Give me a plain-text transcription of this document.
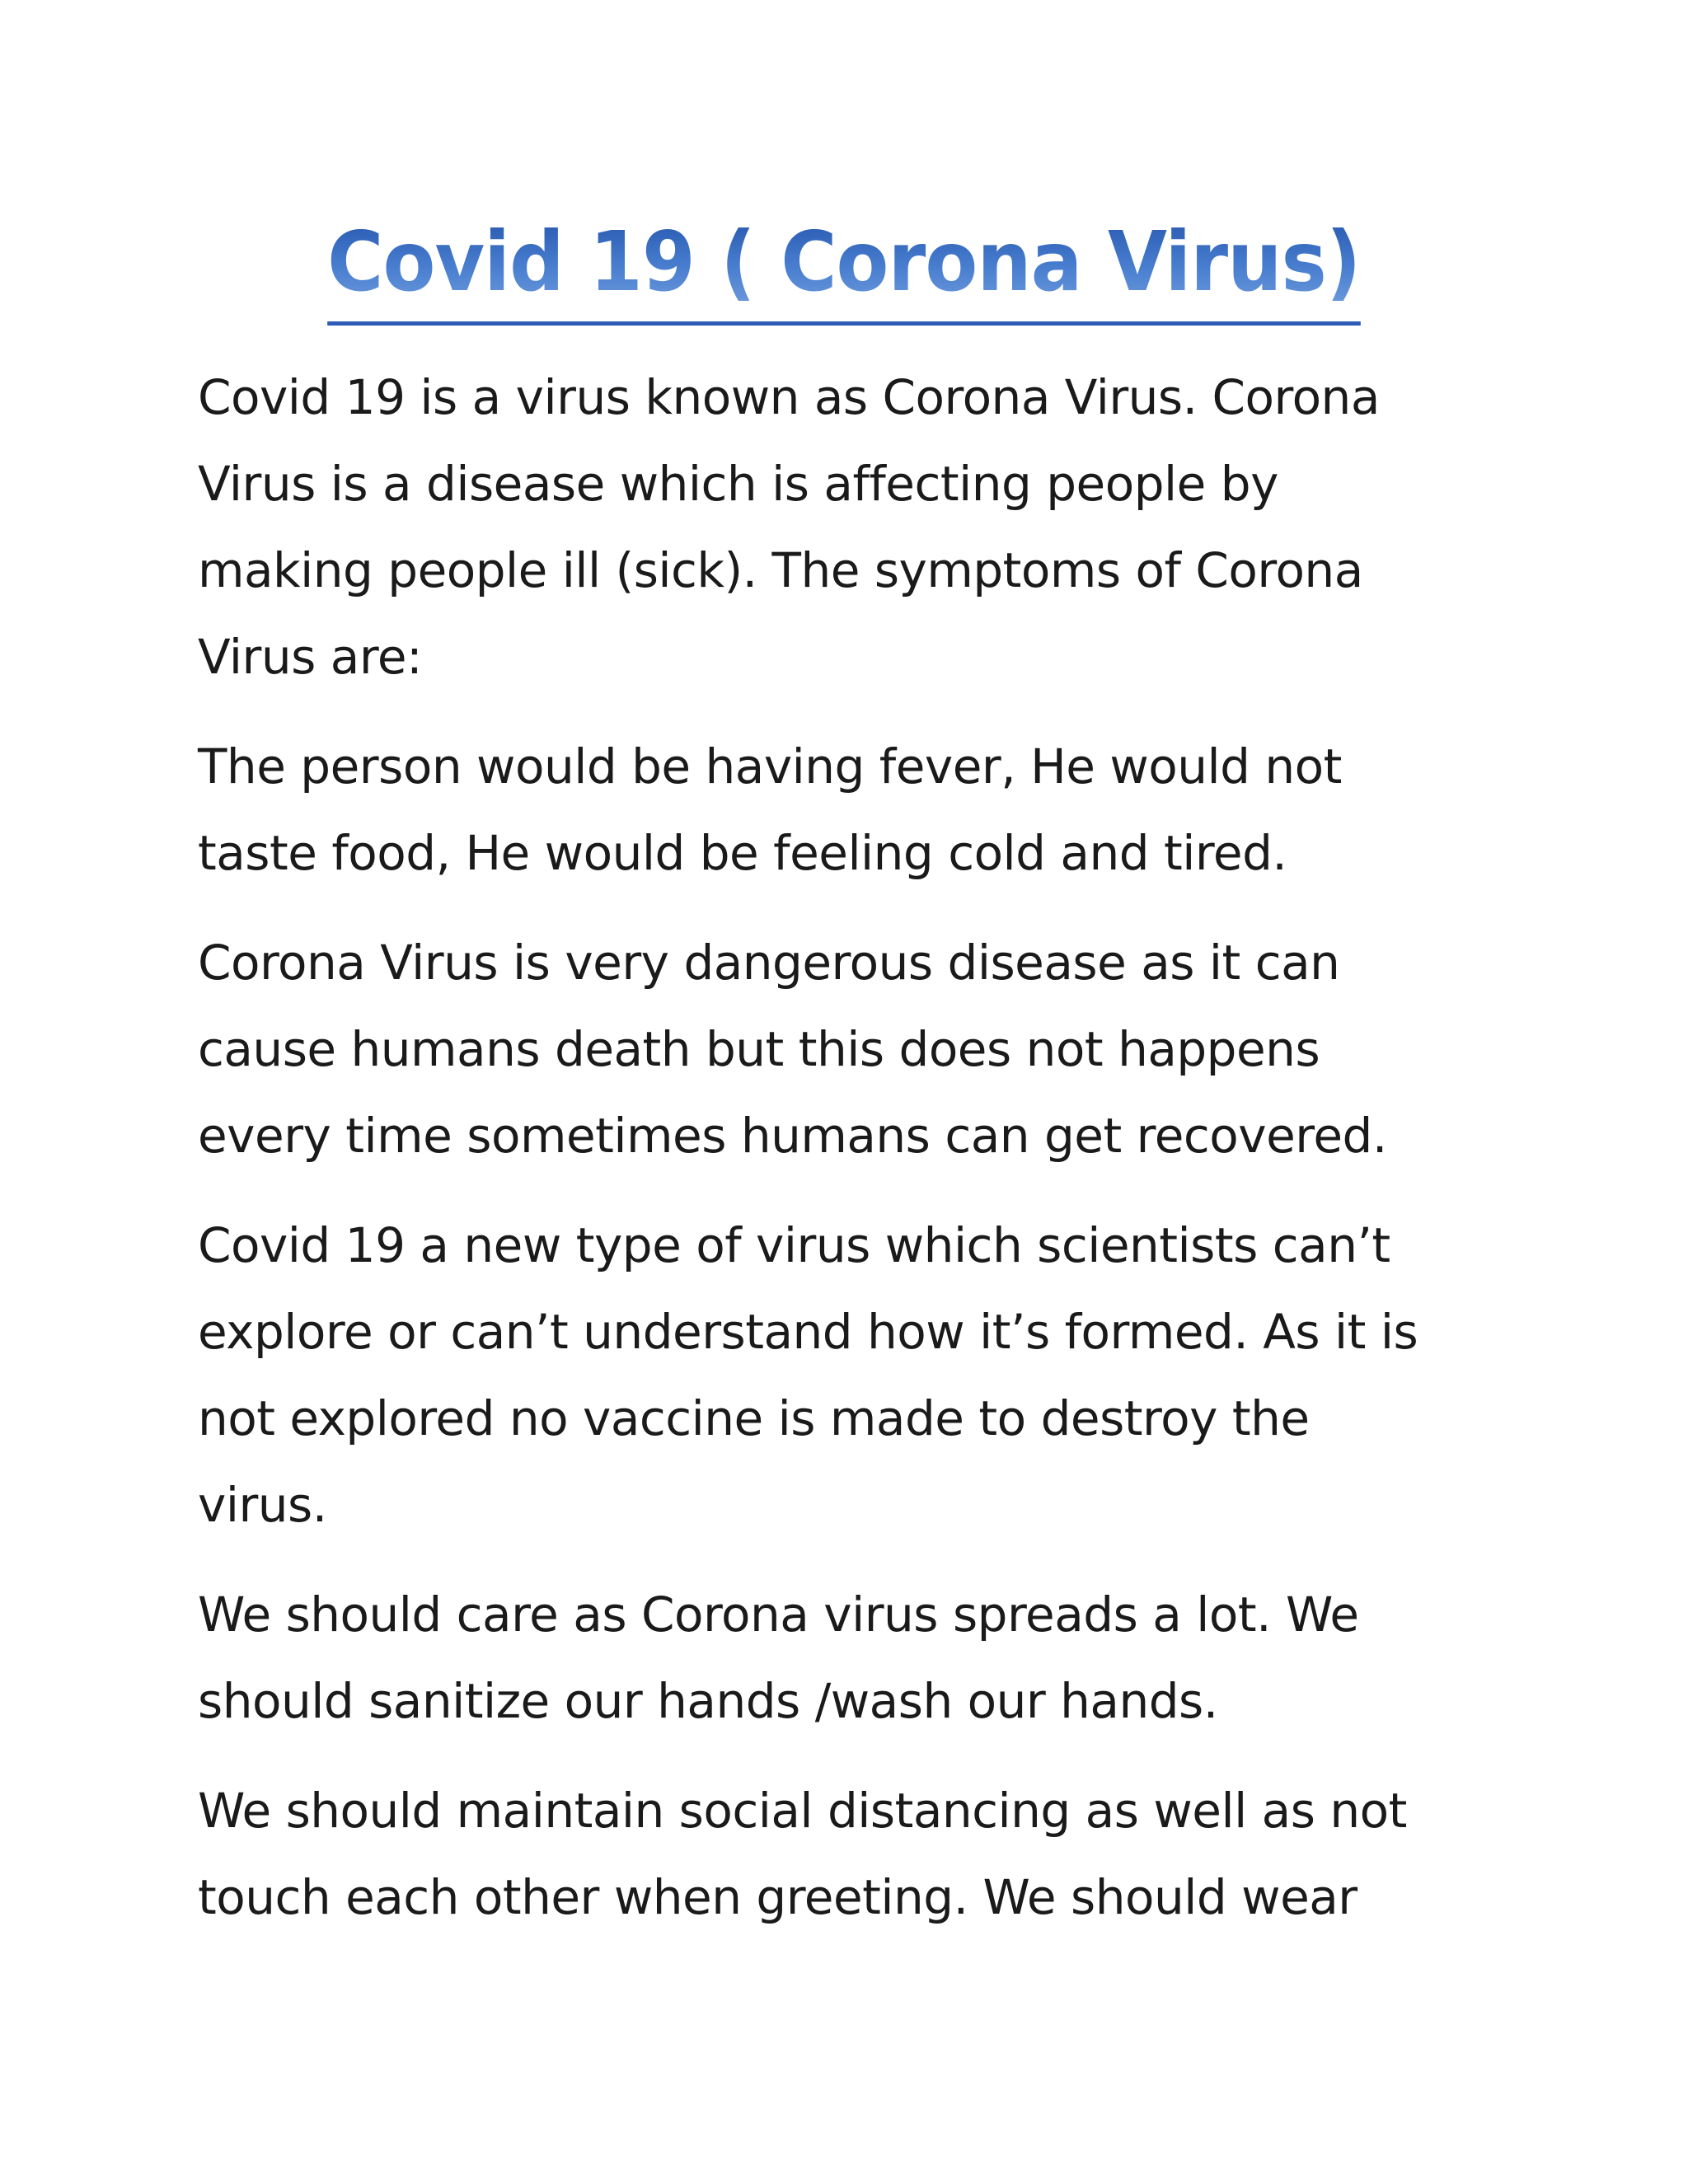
Covid 19 ( Corona Virus)

Covid 19 is a virus known as Corona Virus. Corona
Virus is a disease which is affecting people by
making people ill (sick). The symptoms of Corona
Virus are:

The person would be having fever, He would not
taste food, He would be feeling cold and tired.

Corona Virus is very dangerous disease as it can
cause humans death but this does not happens
every time sometimes humans can get recovered.

Covid 19 a new type of virus which scientists can’t
explore or can’t understand how it’s formed. As it is
not explored no vaccine is made to destroy the
virus.

We should care as Corona virus spreads a lot. We
should sanitize our hands /wash our hands.

We should maintain social distancing as well as not
touch each other when greeting. We should wear
